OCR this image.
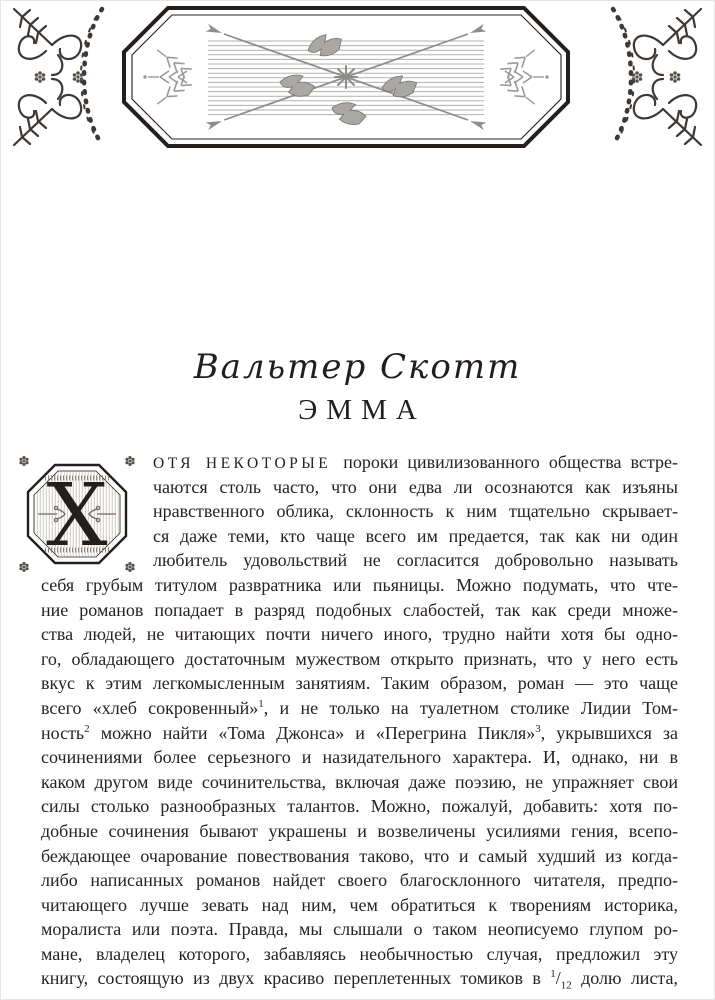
Вальтер Скотт
ЭММА
Х
ОТЯ НЕКОТОРЫЕ пороки цивилизованного общества встре-
чаются столь часто, что они едва ли осознаются как изъяны
нравственного облика, склонность к ним тщательно скрывает-
ся даже теми, кто чаще всего им предается, так как ни один
любитель удовольствий не согласится добровольно называть
себя грубым титулом развратника или пьяницы. Можно подумать, что чте-
ние романов попадает в разряд подобных слабостей, так как среди множе-
ства людей, не читающих почти ничего иного, трудно найти хотя бы одно-
го, обладающего достаточным мужеством открыто признать, что у него есть
вкус к этим легкомысленным занятиям. Таким образом, роман — это чаще
всего «хлеб сокровенный»$^1$, и не только на туалетном столике Лидии Том-
ность$^2$ можно найти «Тома Джонса» и «Перегрина Пикля»$^3$, укрывшихся за
сочинениями более серьезного и назидательного характера. И, однако, ни в
каком другом виде сочинительства, включая даже поэзию, не упражняет свои
силы столько разнообразных талантов. Можно, пожалуй, добавить: хотя по-
добные сочинения бывают украшены и возвеличены усилиями гения, всепо-
беждающее очарование повествования таково, что и самый худший из когда-
либо написанных романов найдет своего благосклонного читателя, предпо-
читающего лучше зевать над ним, чем обратиться к творениям историка,
моралиста или поэта. Правда, мы слышали о таком неописуемо глупом ро-
мане, владелец которого, забавляясь необычностью случая, предложил эту
книгу, состоящую из двух красиво переплетенных томиков в $^1/_{12}$ долю листа,
